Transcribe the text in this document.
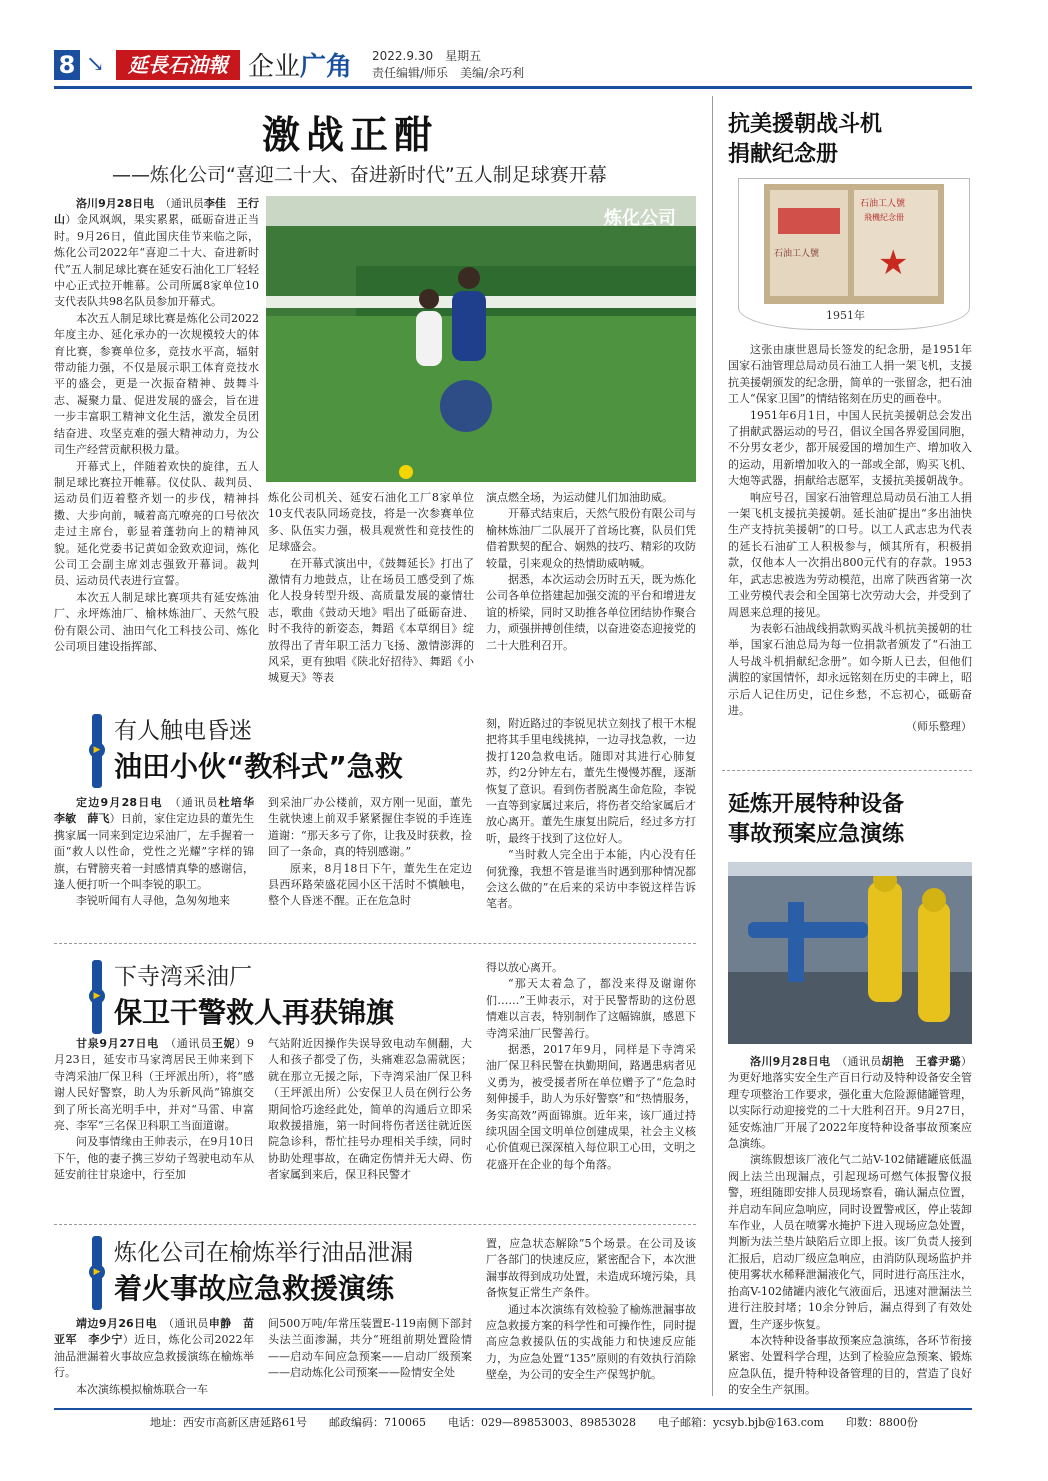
8 ↘	延長石油報 企业广角 2022.9.30　星期五
责任编辑/师乐　美编/余巧利
激战正酣
——炼化公司“喜迎二十大、奋进新时代”五人制足球赛开幕

洛川9月28日电　 （通讯员李佳　王行山）金风飒飒，果实累累，砥砺奋进正当时。9月26日，值此国庆佳节来临之际，炼化公司2022年“喜迎二十大、奋进新时代”五人制足球比赛在延安石油化工厂轻轻中心正式拉开帷幕。公司所属8家单位10支代表队共98名队员参加开幕式。

本次五人制足球比赛是炼化公司2022年度主办、延化承办的一次规模较大的体育比赛，参赛单位多，竞技水平高，辐射带动能力强，不仅是展示职工体育竞技水平的盛会，更是一次振奋精神、鼓舞斗志、凝聚力量、促进发展的盛会，旨在进一步丰富职工精神文化生活，激发全员团结奋进、攻坚克难的强大精神动力，为公司生产经营贡献积极力量。

开幕式上，伴随着欢快的旋律，五人制足球比赛拉开帷幕。仪仗队、裁判员、运动员们迈着整齐划一的步伐，精神抖擞、大步向前，喊着高亢嘹亮的口号依次走过主席台，彰显着蓬勃向上的精神风貌。延化党委书记黄如金致欢迎词，炼化公司工会副主席刘志强致开幕词。裁判员、运动员代表进行宣誓。

本次五人制足球比赛项共有延安炼油厂、永坪炼油厂、榆林炼油厂、天然气股份有限公司、油田气化工科技公司、炼化公司项目建设指挥部、

炼化公司

炼化公司机关、延安石油化工厂8家单位10支代表队同场竞技，将是一次参赛单位多、队伍实力强，极具观赏性和竞技性的足球盛会。

在开幕式演出中，《鼓舞延长》打出了激情有力地鼓点，让在场员工感受到了炼化人投身转型升级、高质量发展的豪情壮志，歌曲《鼓动天地》唱出了砥砺奋进、时不我待的新姿态，舞蹈《本草纲目》绽放得出了青年职工活力飞扬、激情澎湃的风采，更有独唱《陕北好招待》、舞蹈《小城夏天》等表

演点燃全场，为运动健儿们加油助威。

开幕式结束后，天然气股份有限公司与榆林炼油厂二队展开了首场比赛，队员们凭借着默契的配合、娴熟的技巧、精彩的攻防较量，引来观众的热情助威呐喊。

据悉，本次运动会历时五天，既为炼化公司各单位搭建起加强交流的平台和增进友谊的桥梁，同时又助推各单位团结协作聚合力，顽强拼搏创佳绩，以奋进姿态迎接党的二十大胜利召开。

▶
有人触电昏迷
油田小伙“教科式”急救

定边9月28日电　 （通讯员杜培华　李敏　薛飞）日前，家住定边县的董先生携家属一同来到定边采油厂，左手握着一面“救人以性命，党性之光耀”字样的锦旗，右臂膀夹着一封感情真挚的感谢信，逢人便打听一个叫李锐的职工。

李锐听闻有人寻他，急匆匆地来

到采油厂办公楼前，双方刚一见面，董先生就快速上前双手紧紧握住李锐的手连连道谢：“那天多亏了你，让我及时获救，捡回了一条命，真的特别感谢。”

原来，8月18日下午，董先生在定边县西环路荣盛花园小区干活时不慎触电，整个人昏迷不醒。正在危急时

刻，附近路过的李锐见状立刻找了根干木棍把将其手里电线挑掉，一边寻找急救，一边拨打120急救电话。随即对其进行心肺复苏，约2分钟左右，董先生慢慢苏醒，逐渐恢复了意识。看到伤者脱离生命危险，李锐一直等到家属过来后，将伤者交给家属后才放心离开。董先生康复出院后，经过多方打听，最终于找到了这位好人。

“当时救人完全出于本能，内心没有任何犹豫，我想不管是谁当时遇到那种情况都会这么做的”在后来的采访中李锐这样告诉笔者。

▶
下寺湾采油厂
保卫干警救人再获锦旗

甘泉9月27日电　 （通讯员王妮）9月23日，延安市马家湾居民王帅来到下寺湾采油厂保卫科（王坪派出所），将“感谢人民好警察，助人为乐新风尚”锦旗交到了所长高光明手中，并对“马雷、申富亮、李军”三名保卫科职工当面道谢。

问及事情缘由王帅表示，在9月10日下午，他的妻子携三岁幼子驾驶电动车从延安前往甘泉途中，行至加

气站附近因操作失误导致电动车侧翻，大人和孩子都受了伤，头痛难忍急需就医；就在那立无援之际，下寺湾采油厂保卫科（王坪派出所）公安保卫人员在例行公务期间恰巧途经此处，简单的沟通后立即采取救援措施，第一时间将伤者送往就近医院急诊科，帮忙挂号办理相关手续，同时协助处理事故，在确定伤情并无大碍、伤者家属到来后，保卫科民警才

得以放心离开。

“那天太着急了，都没来得及谢谢你们……”王帅表示，对于民警帮助的这份恩情难以言表，特别制作了这幅锦旗，感恩下寺湾采油厂民警善行。

据悉，2017年9月，同样是下寺湾采油厂保卫科民警在执勤期间，路遇患病者见义勇为，被受援者所在单位赠予了“危急时刻伸援手，助人为乐好警察”和“热情服务，务实高效”两面锦旗。近年来，该厂通过持续巩固全国文明单位创建成果，社会主义核心价值观已深深植入每位职工心田，文明之花盛开在企业的每个角落。

▶
炼化公司在榆炼举行油品泄漏
着火事故应急救援演练

靖边9月26日电　 （通讯员申静　苗亚军　李少宁）近日，炼化公司2022年油品泄漏着火事故应急救援演练在榆炼举行。

本次演练模拟榆炼联合一车

间500万吨/年常压装置E-119南侧下部封头法兰面渗漏，共分“班组前期处置险情——启动车间应急预案——启动厂级预案——启动炼化公司预案——险情安全处

置，应急状态解除”5个场景。在公司及该厂各部门的快速反应，紧密配合下，本次泄漏事故得到成功处置，未造成环境污染，具备恢复正常生产条件。

通过本次演练有效检验了榆炼泄漏事故应急救援方案的科学性和可操作性，同时提高应急救援队伍的实战能力和快速反应能力，为应急处置“135”原则的有效执行消除壁垒，为公司的安全生产保驾护航。

抗美援朝战斗机
捐献纪念册
石油工人號
石油工人號
飛機紀念冊
★
1951年

这张由康世恩局长签发的纪念册，是1951年国家石油管理总局动员石油工人捐一架飞机，支援抗美援朝颁发的纪念册，简单的一张留念，把石油工人“保家卫国”的情结铭刻在历史的画卷中。

1951年6月1日，中国人民抗美援朝总会发出了捐献武器运动的号召，倡议全国各界爱国同胞，不分男女老少，都开展爱国的增加生产、增加收入的运动，用新增加收入的一部或全部，购买飞机、大炮等武器，捐献给志愿军，支援抗美援朝战争。

响应号召，国家石油管理总局动员石油工人捐一架飞机支援抗美援朝。延长油矿提出“多出油快生产支持抗美援朝”的口号。以工人武志忠为代表的延长石油矿工人积极参与，倾其所有，积极捐款，仅他本人一次捐出800元代有的存款。1953年，武志忠被选为劳动模范，出席了陕西省第一次工业劳模代表会和全国第七次劳动大会，并受到了周恩来总理的接见。

为表彰石油战线捐款购买战斗机抗美援朝的壮举，国家石油总局为每一位捐款者颁发了“石油工人号战斗机捐献纪念册”。如今斯人已去，但他们满腔的家国情怀，却永远铭刻在历史的丰碑上，昭示后人记住历史，记住乡愁，不忘初心，砥砺奋进。

（师乐整理）

延炼开展特种设备
事故预案应急演练

洛川9月28日电　 （通讯员胡艳　王睿尹璐）为更好地落实安全生产百日行动及特种设备安全管理专项整治工作要求，强化重大危险源储罐管理，以实际行动迎接党的二十大胜利召开。9月27日，延安炼油厂开展了2022年度特种设备事故预案应急演练。

演练假想该厂液化气二站V-102储罐罐底低温阀上法兰出现漏点，引起现场可燃气体报警仪报警，班组随即安排人员现场察看，确认漏点位置，并启动车间应急响应，同时设置警戒区，停止装卸车作业，人员在喷雾水掩护下进入现场应急处置，判断为法兰垫片缺陷后立即上报。该厂负责人接到汇报后，启动厂级应急响应，由消防队现场监护并使用雾状水稀释泄漏液化气，同时进行高压注水，抬高V-102储罐内液化气液面后，迅速对泄漏法兰进行注胶封堵；10余分钟后，漏点得到了有效处置，生产逐步恢复。

本次特种设备事故预案应急演练，各环节衔接紧密、处置科学合理，达到了检验应急预案、锻炼应急队伍，提升特种设备管理的目的，营造了良好的安全生产氛围。

地址：西安市高新区唐延路61号　　邮政编码：710065　　电话：029—89853003、89853028　　电子邮箱：ycsyb.bjb@163.com　　印数：8800份
